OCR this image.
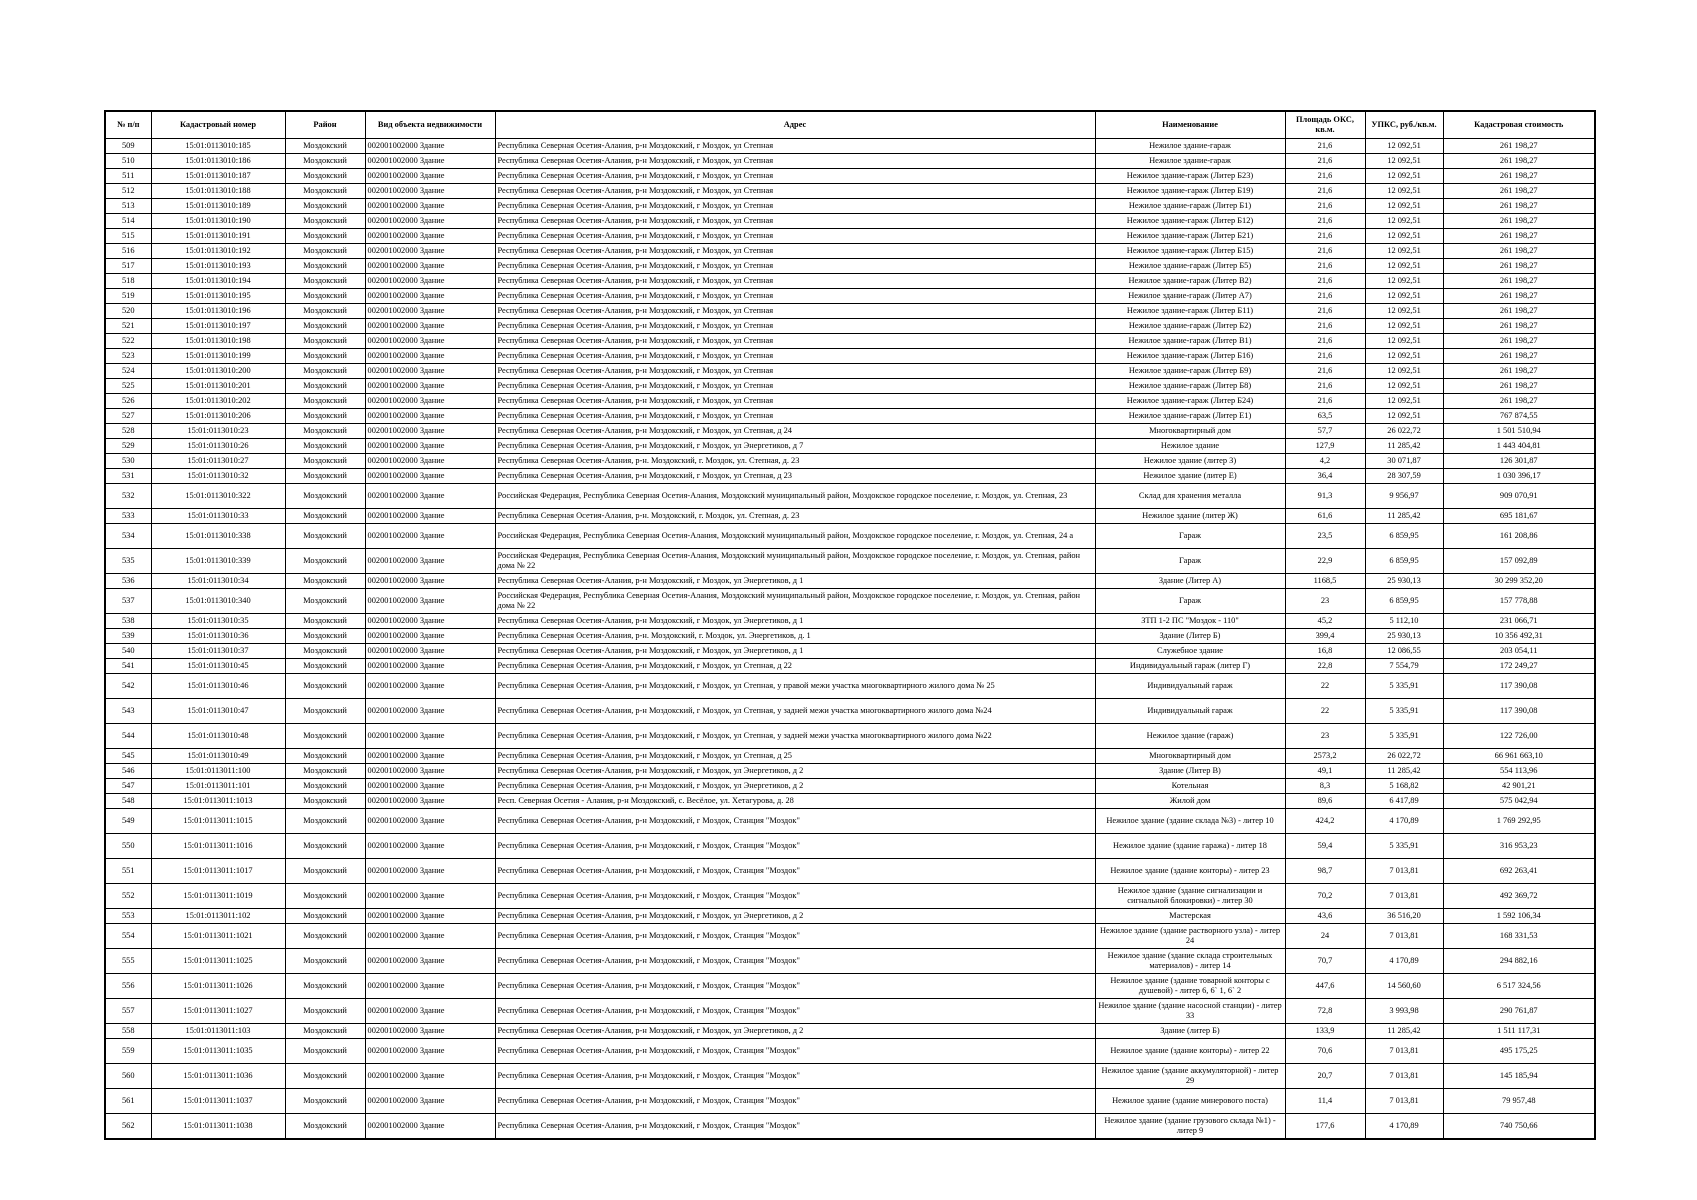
№ п/п	Кадастровый номер	Район	Вид объекта недвижимости	Адрес	Наименование	Площадь ОКС, кв.м.	УПКС, руб./кв.м.	Кадастровая стоимость
509	15:01:0113010:185	Моздокский	002001002000 Здание	Республика Северная Осетия-Алания, р-н Моздокский, г Моздок, ул Степная	Нежилое здание-гараж	21,6	12 092,51	261 198,27
510	15:01:0113010:186	Моздокский	002001002000 Здание	Республика Северная Осетия-Алания, р-н Моздокский, г Моздок, ул Степная	Нежилое здание-гараж	21,6	12 092,51	261 198,27
511	15:01:0113010:187	Моздокский	002001002000 Здание	Республика Северная Осетия-Алания, р-н Моздокский, г Моздок, ул Степная	Нежилое здание-гараж (Литер Б23)	21,6	12 092,51	261 198,27
512	15:01:0113010:188	Моздокский	002001002000 Здание	Республика Северная Осетия-Алания, р-н Моздокский, г Моздок, ул Степная	Нежилое здание-гараж (Литер Б19)	21,6	12 092,51	261 198,27
513	15:01:0113010:189	Моздокский	002001002000 Здание	Республика Северная Осетия-Алания, р-н Моздокский, г Моздок, ул Степная	Нежилое здание-гараж (Литер Б1)	21,6	12 092,51	261 198,27
514	15:01:0113010:190	Моздокский	002001002000 Здание	Республика Северная Осетия-Алания, р-н Моздокский, г Моздок, ул Степная	Нежилое здание-гараж (Литер Б12)	21,6	12 092,51	261 198,27
515	15:01:0113010:191	Моздокский	002001002000 Здание	Республика Северная Осетия-Алания, р-н Моздокский, г Моздок, ул Степная	Нежилое здание-гараж (Литер Б21)	21,6	12 092,51	261 198,27
516	15:01:0113010:192	Моздокский	002001002000 Здание	Республика Северная Осетия-Алания, р-н Моздокский, г Моздок, ул Степная	Нежилое здание-гараж (Литер Б15)	21,6	12 092,51	261 198,27
517	15:01:0113010:193	Моздокский	002001002000 Здание	Республика Северная Осетия-Алания, р-н Моздокский, г Моздок, ул Степная	Нежилое здание-гараж (Литер Б5)	21,6	12 092,51	261 198,27
518	15:01:0113010:194	Моздокский	002001002000 Здание	Республика Северная Осетия-Алания, р-н Моздокский, г Моздок, ул Степная	Нежилое здание-гараж (Литер В2)	21,6	12 092,51	261 198,27
519	15:01:0113010:195	Моздокский	002001002000 Здание	Республика Северная Осетия-Алания, р-н Моздокский, г Моздок, ул Степная	Нежилое здание-гараж (Литер А7)	21,6	12 092,51	261 198,27
520	15:01:0113010:196	Моздокский	002001002000 Здание	Республика Северная Осетия-Алания, р-н Моздокский, г Моздок, ул Степная	Нежилое здание-гараж (Литер Б11)	21,6	12 092,51	261 198,27
521	15:01:0113010:197	Моздокский	002001002000 Здание	Республика Северная Осетия-Алания, р-н Моздокский, г Моздок, ул Степная	Нежилое здание-гараж (Литер Б2)	21,6	12 092,51	261 198,27
522	15:01:0113010:198	Моздокский	002001002000 Здание	Республика Северная Осетия-Алания, р-н Моздокский, г Моздок, ул Степная	Нежилое здание-гараж (Литер В1)	21,6	12 092,51	261 198,27
523	15:01:0113010:199	Моздокский	002001002000 Здание	Республика Северная Осетия-Алания, р-н Моздокский, г Моздок, ул Степная	Нежилое здание-гараж (Литер Б16)	21,6	12 092,51	261 198,27
524	15:01:0113010:200	Моздокский	002001002000 Здание	Республика Северная Осетия-Алания, р-н Моздокский, г Моздок, ул Степная	Нежилое здание-гараж (Литер Б9)	21,6	12 092,51	261 198,27
525	15:01:0113010:201	Моздокский	002001002000 Здание	Республика Северная Осетия-Алания, р-н Моздокский, г Моздок, ул Степная	Нежилое здание-гараж (Литер Б8)	21,6	12 092,51	261 198,27
526	15:01:0113010:202	Моздокский	002001002000 Здание	Республика Северная Осетия-Алания, р-н Моздокский, г Моздок, ул Степная	Нежилое здание-гараж (Литер Б24)	21,6	12 092,51	261 198,27
527	15:01:0113010:206	Моздокский	002001002000 Здание	Республика Северная Осетия-Алания, р-н Моздокский, г Моздок, ул Степная	Нежилое здание-гараж (Литер Е1)	63,5	12 092,51	767 874,55
528	15:01:0113010:23	Моздокский	002001002000 Здание	Республика Северная Осетия-Алания, р-н Моздокский, г Моздок, ул Степная, д 24	Многоквартирный дом	57,7	26 022,72	1 501 510,94
529	15:01:0113010:26	Моздокский	002001002000 Здание	Республика Северная Осетия-Алания, р-н Моздокский, г Моздок, ул Энергетиков, д 7	Нежилое здание	127,9	11 285,42	1 443 404,81
530	15:01:0113010:27	Моздокский	002001002000 Здание	Республика Северная Осетия-Алания, р-н. Моздокский, г. Моздок, ул. Степная, д. 23	Нежилое здание (литер З)	4,2	30 071,87	126 301,87
531	15:01:0113010:32	Моздокский	002001002000 Здание	Республика Северная Осетия-Алания, р-н Моздокский, г Моздок, ул Степная, д 23	Нежилое здание (литер Е)	36,4	28 307,59	1 030 396,17
532	15:01:0113010:322	Моздокский	002001002000 Здание	Российская Федерация, Республика Северная Осетия-Алания, Моздокский муниципальный район, Моздокское городское поселение, г. Моздок, ул. Степная, 23	Склад для хранения металла	91,3	9 956,97	909 070,91
533	15:01:0113010:33	Моздокский	002001002000 Здание	Республика Северная Осетия-Алания, р-н. Моздокский, г. Моздок, ул. Степная, д. 23	Нежилое здание (литер Ж)	61,6	11 285,42	695 181,67
534	15:01:0113010:338	Моздокский	002001002000 Здание	Российская Федерация, Республика Северная Осетия-Алания, Моздокский муниципальный район, Моздокское городское поселение, г. Моздок, ул. Степная, 24 а	Гараж	23,5	6 859,95	161 208,86
535	15:01:0113010:339	Моздокский	002001002000 Здание	Российская Федерация, Республика Северная Осетия-Алания, Моздокский муниципальный район, Моздокское городское поселение, г. Моздок, ул. Степная, район дома № 22	Гараж	22,9	6 859,95	157 092,89
536	15:01:0113010:34	Моздокский	002001002000 Здание	Республика Северная Осетия-Алания, р-н Моздокский, г Моздок, ул Энергетиков, д 1	Здание (Литер А)	1168,5	25 930,13	30 299 352,20
537	15:01:0113010:340	Моздокский	002001002000 Здание	Российская Федерация, Республика Северная Осетия-Алания, Моздокский муниципальный район, Моздокское городское поселение, г. Моздок, ул. Степная, район дома № 22	Гараж	23	6 859,95	157 778,88
538	15:01:0113010:35	Моздокский	002001002000 Здание	Республика Северная Осетия-Алания, р-н Моздокский, г Моздок, ул Энергетиков, д 1	ЗТП 1-2 ПС "Моздок - 110"	45,2	5 112,10	231 066,71
539	15:01:0113010:36	Моздокский	002001002000 Здание	Республика Северная Осетия-Алания, р-н. Моздокский, г. Моздок, ул. Энергетиков, д. 1	Здание (Литер Б)	399,4	25 930,13	10 356 492,31
540	15:01:0113010:37	Моздокский	002001002000 Здание	Республика Северная Осетия-Алания, р-н Моздокский, г Моздок, ул Энергетиков, д 1	Служебное здание	16,8	12 086,55	203 054,11
541	15:01:0113010:45	Моздокский	002001002000 Здание	Республика Северная Осетия-Алания, р-н Моздокский, г Моздок, ул Степная, д 22	Индивидуальный гараж (литер Г)	22,8	7 554,79	172 249,27
542	15:01:0113010:46	Моздокский	002001002000 Здание	Республика Северная Осетия-Алания, р-н Моздокский, г Моздок, ул Степная, у правой межи участка многоквартирного жилого дома № 25	Индивидуальный гараж	22	5 335,91	117 390,08
543	15:01:0113010:47	Моздокский	002001002000 Здание	Республика Северная Осетия-Алания, р-н Моздокский, г Моздок, ул Степная, у задней межи участка многоквартирного жилого дома №24	Индивидуальный гараж	22	5 335,91	117 390,08
544	15:01:0113010:48	Моздокский	002001002000 Здание	Республика Северная Осетия-Алания, р-н Моздокский, г Моздок, ул Степная, у задней межи участка многоквартирного жилого дома №22	Нежилое здание (гараж)	23	5 335,91	122 726,00
545	15:01:0113010:49	Моздокский	002001002000 Здание	Республика Северная Осетия-Алания, р-н Моздокский, г Моздок, ул Степная, д 25	Многоквартирный дом	2573,2	26 022,72	66 961 663,10
546	15:01:0113011:100	Моздокский	002001002000 Здание	Республика Северная Осетия-Алания, р-н Моздокский, г Моздок, ул Энергетиков, д 2	Здание (Литер В)	49,1	11 285,42	554 113,96
547	15:01:0113011:101	Моздокский	002001002000 Здание	Республика Северная Осетия-Алания, р-н Моздокский, г Моздок, ул Энергетиков, д 2	Котельная	8,3	5 168,82	42 901,21
548	15:01:0113011:1013	Моздокский	002001002000 Здание	Респ. Северная Осетия - Алания, р-н Моздокский, с. Весёлое, ул. Хетагурова, д. 28	Жилой дом	89,6	6 417,89	575 042,94
549	15:01:0113011:1015	Моздокский	002001002000 Здание	Республика Северная Осетия-Алания, р-н Моздокский, г Моздок, Станция "Моздок"	Нежилое здание (здание склада №3) - литер 10	424,2	4 170,89	1 769 292,95
550	15:01:0113011:1016	Моздокский	002001002000 Здание	Республика Северная Осетия-Алания, р-н Моздокский, г Моздок, Станция "Моздок"	Нежилое здание (здание гаража) - литер 18	59,4	5 335,91	316 953,23
551	15:01:0113011:1017	Моздокский	002001002000 Здание	Республика Северная Осетия-Алания, р-н Моздокский, г Моздок, Станция "Моздок"	Нежилое здание (здание конторы) - литер 23	98,7	7 013,81	692 263,41
552	15:01:0113011:1019	Моздокский	002001002000 Здание	Республика Северная Осетия-Алания, р-н Моздокский, г Моздок, Станция "Моздок"	Нежилое здание (здание сигнализации и сигнальной блокировки) - литер 30	70,2	7 013,81	492 369,72
553	15:01:0113011:102	Моздокский	002001002000 Здание	Республика Северная Осетия-Алания, р-н Моздокский, г Моздок, ул Энергетиков, д 2	Мастерская	43,6	36 516,20	1 592 106,34
554	15:01:0113011:1021	Моздокский	002001002000 Здание	Республика Северная Осетия-Алания, р-н Моздокский, г Моздок, Станция "Моздок"	Нежилое здание (здание растворного узла) - литер 24	24	7 013,81	168 331,53
555	15:01:0113011:1025	Моздокский	002001002000 Здание	Республика Северная Осетия-Алания, р-н Моздокский, г Моздок, Станция "Моздок"	Нежилое здание (здание склада строительных материалов) - литер 14	70,7	4 170,89	294 882,16
556	15:01:0113011:1026	Моздокский	002001002000 Здание	Республика Северная Осетия-Алания, р-н Моздокский, г Моздок, Станция "Моздок"	Нежилое здание (здание товарной конторы с душевой) - литер 6, 6` 1, 6` 2	447,6	14 560,60	6 517 324,56
557	15:01:0113011:1027	Моздокский	002001002000 Здание	Республика Северная Осетия-Алания, р-н Моздокский, г Моздок, Станция "Моздок"	Нежилое здание (здание насосной станции) - литер 33	72,8	3 993,98	290 761,87
558	15:01:0113011:103	Моздокский	002001002000 Здание	Республика Северная Осетия-Алания, р-н Моздокский, г Моздок, ул Энергетиков, д 2	Здание (литер Б)	133,9	11 285,42	1 511 117,31
559	15:01:0113011:1035	Моздокский	002001002000 Здание	Республика Северная Осетия-Алания, р-н Моздокский, г Моздок, Станция "Моздок"	Нежилое здание (здание конторы) - литер 22	70,6	7 013,81	495 175,25
560	15:01:0113011:1036	Моздокский	002001002000 Здание	Республика Северная Осетия-Алания, р-н Моздокский, г Моздок, Станция "Моздок"	Нежилое здание (здание аккумуляторной) - литер 29	20,7	7 013,81	145 185,94
561	15:01:0113011:1037	Моздокский	002001002000 Здание	Республика Северная Осетия-Алания, р-н Моздокский, г Моздок, Станция "Моздок"	Нежилое здание (здание минерового поста)	11,4	7 013,81	79 957,48
562	15:01:0113011:1038	Моздокский	002001002000 Здание	Республика Северная Осетия-Алания, р-н Моздокский, г Моздок, Станция "Моздок"	Нежилое здание (здание грузового склада №1) - литер 9	177,6	4 170,89	740 750,66
